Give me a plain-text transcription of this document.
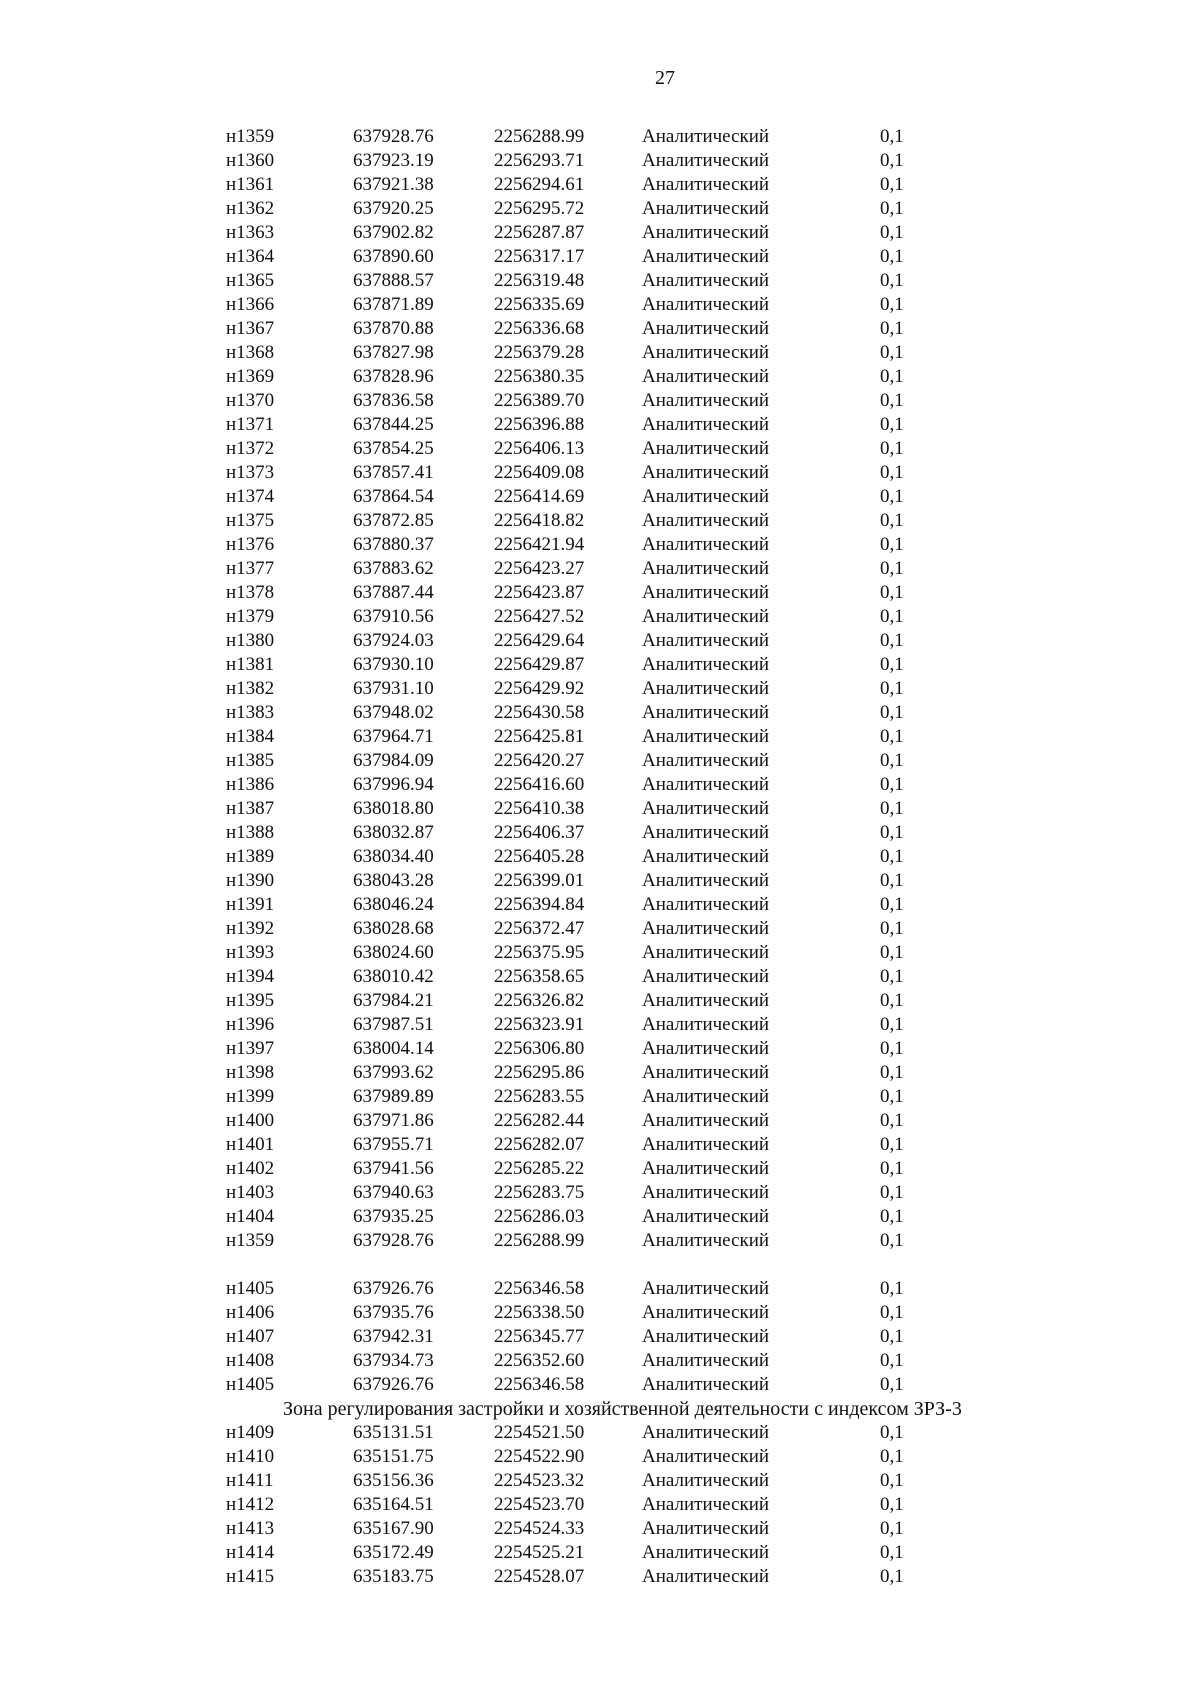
27
н1359	637928.76	2256288.99	Аналитический	0,1
н1360	637923.19	2256293.71	Аналитический	0,1
н1361	637921.38	2256294.61	Аналитический	0,1
н1362	637920.25	2256295.72	Аналитический	0,1
н1363	637902.82	2256287.87	Аналитический	0,1
н1364	637890.60	2256317.17	Аналитический	0,1
н1365	637888.57	2256319.48	Аналитический	0,1
н1366	637871.89	2256335.69	Аналитический	0,1
н1367	637870.88	2256336.68	Аналитический	0,1
н1368	637827.98	2256379.28	Аналитический	0,1
н1369	637828.96	2256380.35	Аналитический	0,1
н1370	637836.58	2256389.70	Аналитический	0,1
н1371	637844.25	2256396.88	Аналитический	0,1
н1372	637854.25	2256406.13	Аналитический	0,1
н1373	637857.41	2256409.08	Аналитический	0,1
н1374	637864.54	2256414.69	Аналитический	0,1
н1375	637872.85	2256418.82	Аналитический	0,1
н1376	637880.37	2256421.94	Аналитический	0,1
н1377	637883.62	2256423.27	Аналитический	0,1
н1378	637887.44	2256423.87	Аналитический	0,1
н1379	637910.56	2256427.52	Аналитический	0,1
н1380	637924.03	2256429.64	Аналитический	0,1
н1381	637930.10	2256429.87	Аналитический	0,1
н1382	637931.10	2256429.92	Аналитический	0,1
н1383	637948.02	2256430.58	Аналитический	0,1
н1384	637964.71	2256425.81	Аналитический	0,1
н1385	637984.09	2256420.27	Аналитический	0,1
н1386	637996.94	2256416.60	Аналитический	0,1
н1387	638018.80	2256410.38	Аналитический	0,1
н1388	638032.87	2256406.37	Аналитический	0,1
н1389	638034.40	2256405.28	Аналитический	0,1
н1390	638043.28	2256399.01	Аналитический	0,1
н1391	638046.24	2256394.84	Аналитический	0,1
н1392	638028.68	2256372.47	Аналитический	0,1
н1393	638024.60	2256375.95	Аналитический	0,1
н1394	638010.42	2256358.65	Аналитический	0,1
н1395	637984.21	2256326.82	Аналитический	0,1
н1396	637987.51	2256323.91	Аналитический	0,1
н1397	638004.14	2256306.80	Аналитический	0,1
н1398	637993.62	2256295.86	Аналитический	0,1
н1399	637989.89	2256283.55	Аналитический	0,1
н1400	637971.86	2256282.44	Аналитический	0,1
н1401	637955.71	2256282.07	Аналитический	0,1
н1402	637941.56	2256285.22	Аналитический	0,1
н1403	637940.63	2256283.75	Аналитический	0,1
н1404	637935.25	2256286.03	Аналитический	0,1
н1359	637928.76	2256288.99	Аналитический	0,1
н1405	637926.76	2256346.58	Аналитический	0,1
н1406	637935.76	2256338.50	Аналитический	0,1
н1407	637942.31	2256345.77	Аналитический	0,1
н1408	637934.73	2256352.60	Аналитический	0,1
н1405	637926.76	2256346.58	Аналитический	0,1
Зона регулирования застройки и хозяйственной деятельности с индексом ЗРЗ-3
н1409	635131.51	2254521.50	Аналитический	0,1
н1410	635151.75	2254522.90	Аналитический	0,1
н1411	635156.36	2254523.32	Аналитический	0,1
н1412	635164.51	2254523.70	Аналитический	0,1
н1413	635167.90	2254524.33	Аналитический	0,1
н1414	635172.49	2254525.21	Аналитический	0,1
н1415	635183.75	2254528.07	Аналитический	0,1
